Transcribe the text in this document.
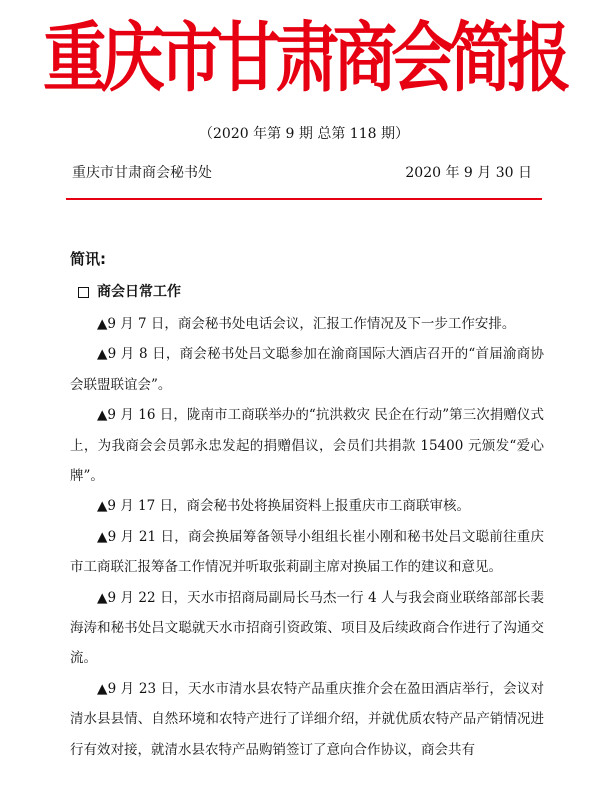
重庆市甘肃商会简报
（2020 年第 9 期 总第 118 期）
重庆市甘肃商会秘书处	2020 年 9 月 30 日
简讯:
商会日常工作

▲9 月 7 日，商会秘书处电话会议，汇报工作情况及下一步工作安排。

▲9 月 8 日，商会秘书处吕文聪参加在渝商国际大酒店召开的“首届渝商协会联盟联谊会”。

▲9 月 16 日，陇南市工商联举办的“抗洪救灾 民企在行动”第三次捐赠仪式上，为我商会会员郭永忠发起的捐赠倡议，会员们共捐款 15400 元颁发“爱心牌”。

▲9 月 17 日，商会秘书处将换届资料上报重庆市工商联审核。

▲9 月 21 日，商会换届筹备领导小组组长崔小刚和秘书处吕文聪前往重庆市工商联汇报筹备工作情况并听取张莉副主席对换届工作的建议和意见。

▲9 月 22 日，天水市招商局副局长马杰一行 4 人与我会商业联络部部长裴海涛和秘书处吕文聪就天水市招商引资政策、项目及后续政商合作进行了沟通交流。

▲9 月 23 日，天水市清水县农特产品重庆推介会在盈田酒店举行，会议对清水县县情、自然环境和农特产进行了详细介绍，并就优质农特产品产销情况进行有效对接，就清水县农特产品购销签订了意向合作协议，商会共有
